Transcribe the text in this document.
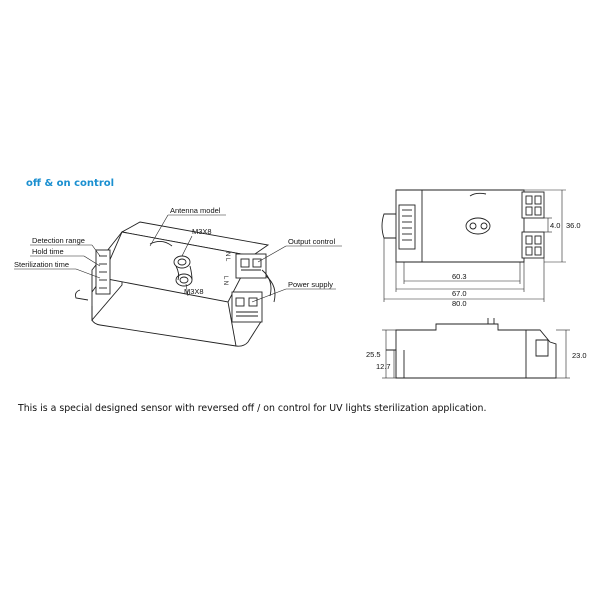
off & on control
Antenna model
M3X8
M3X8
Detection range
Hold time
Sterilization time
Output control
Power supply
N L
L N	60.3
67.0
80.0
4.0 36.0
25.5
12.7
23.0
This is a special designed sensor with reversed off / on control for UV lights sterilization application.
